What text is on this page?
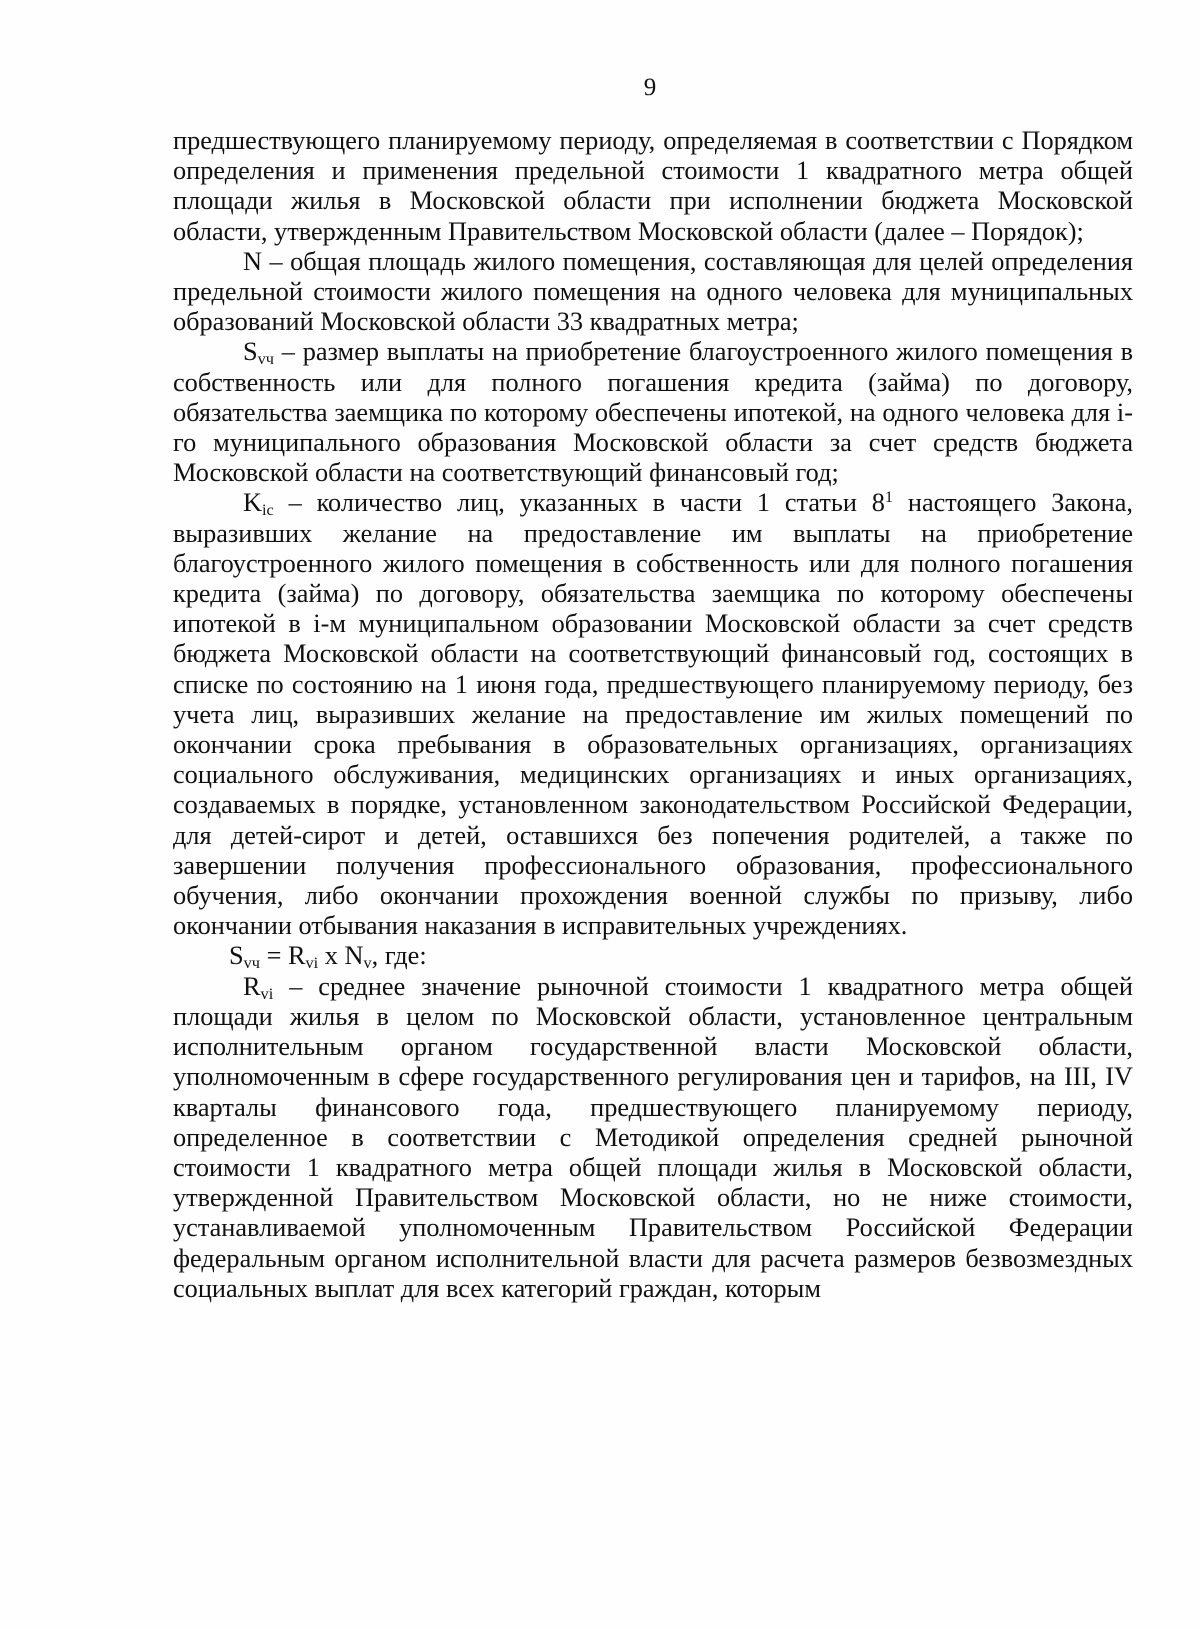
9

предшествующего планируемому периоду, определяемая в соответствии с Порядком определения и применения предельной стоимости 1 квадратного метра общей площади жилья в Московской области при исполнении бюджета Московской области, утвержденным Правительством Московской области (далее – Порядок);

N – общая площадь жилого помещения, составляющая для целей определения предельной стоимости жилого помещения на одного человека для муниципальных образований Московской области 33 квадратных метра;

$S_{vч}$ – размер выплаты на приобретение благоустроенного жилого помещения в собственность или для полного погашения кредита (займа) по договору, обязательства заемщика по которому обеспечены ипотекой, на одного человека для i-го муниципального образования Московской области за счет средств бюджета Московской области на соответствующий финансовый год;

$K_{ic}$ – количество лиц, указанных в части 1 статьи $8^1$ настоящего Закона, выразивших желание на предоставление им выплаты на приобретение благоустроенного жилого помещения в собственность или для полного погашения кредита (займа) по договору, обязательства заемщика по которому обеспечены ипотекой в i-м муниципальном образовании Московской области за счет средств бюджета Московской области на соответствующий финансовый год, состоящих в списке по состоянию на 1 июня года, предшествующего планируемому периоду, без учета лиц, выразивших желание на предоставление им жилых помещений по окончании срока пребывания в образовательных организациях, организациях социального обслуживания, медицинских организациях и иных организациях, создаваемых в порядке, установленном законодательством Российской Федерации, для детей-сирот и детей, оставшихся без попечения родителей, а также по завершении получения профессионального образования, профессионального обучения, либо окончании прохождения военной службы по призыву, либо окончании отбывания наказания в исправительных учреждениях.

$S_{vч} = R_{vi}$ x $N_v$, где:

$R_{vi}$ – среднее значение рыночной стоимости 1 квадратного метра общей площади жилья в целом по Московской области, установленное центральным исполнительным органом государственной власти Московской области, уполномоченным в сфере государственного регулирования цен и тарифов, на III, IV кварталы финансового года, предшествующего планируемому периоду, определенное в соответствии с Методикой определения средней рыночной стоимости 1 квадратного метра общей площади жилья в Московской области, утвержденной Правительством Московской области, но не ниже стоимости, устанавливаемой уполномоченным Правительством Российской Федерации федеральным органом исполнительной власти для расчета размеров безвозмездных социальных выплат для всех категорий граждан, которым
